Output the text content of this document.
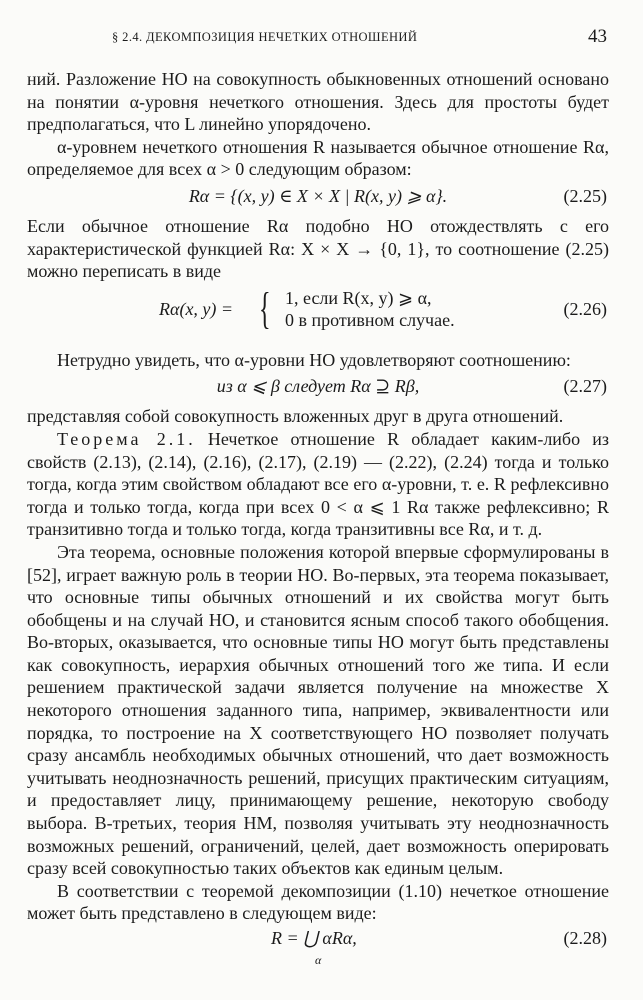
§ 2.4. ДЕКОМПОЗИЦИЯ НЕЧЕТКИХ ОТНОШЕНИЙ	43

ний. Разложение НО на совокупность обыкновенных отношений основано на понятии α-уровня нечеткого отношения. Здесь для простоты будет предполагаться, что L линейно упорядочено.

α-уровнем нечеткого отношения R называется обычное отношение Rα, определяемое для всех α > 0 следующим образом:

Rα = {(x, y) ∈ X × X | R(x, y) ⩾ α}.	(2.25)

Если обычное отношение Rα подобно НО отождествлять с его характеристической функцией Rα: X × X → {0, 1}, то соотношение (2.25) можно переписать в виде

Rα(x, y) = { 1, если R(x, y) ⩾ α,
0 в противном случае.
(2.26)

Нетрудно увидеть, что α-уровни НО удовлетворяют соотношению:

из α ⩽ β следует Rα ⊇ Rβ,	(2.27)

представляя собой совокупность вложенных друг в друга отношений.

Теорема 2.1. Нечеткое отношение R обладает каким-либо из свойств (2.13), (2.14), (2.16), (2.17), (2.19) — (2.22), (2.24) тогда и только тогда, когда этим свойством обладают все его α-уровни, т. е. R рефлексивно тогда и только тогда, когда при всех 0 < α ⩽ 1 Rα также рефлексивно; R транзитивно тогда и только тогда, когда транзитивны все Rα, и т. д.

Эта теорема, основные положения которой впервые сформулированы в [52], играет важную роль в теории НО. Во-первых, эта теорема показывает, что основные типы обычных отношений и их свойства могут быть обобщены и на случай НО, и становится ясным способ такого обобщения. Во-вторых, оказывается, что основные типы НО могут быть представлены как совокупность, иерархия обычных отношений того же типа. И если решением практической задачи является получение на множестве X некоторого отношения заданного типа, например, эквивалентности или порядка, то построение на X соответствующего НО позволяет получать сразу ансамбль необходимых обычных отношений, что дает возможность учитывать неоднозначность решений, присущих практическим ситуациям, и предоставляет лицу, принимающему решение, некоторую свободу выбора. В-третьих, теория НМ, позволяя учитывать эту неоднозначность возможных решений, ограничений, целей, дает возможность оперировать сразу всей совокупностью таких объектов как единым целым.

В соответствии с теоремой декомпозиции (1.10) нечеткое отношение может быть представлено в следующем виде:

R = ⋃ αRα,
α
(2.28)
